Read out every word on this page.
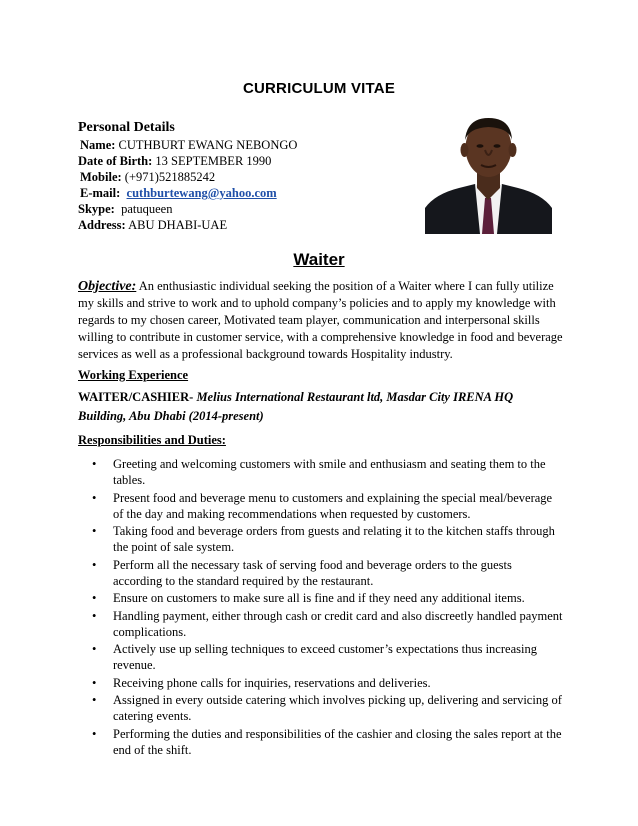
CURRICULUM VITAE
Personal Details
Name: CUTHBURT EWANG NEBONGO
Date of Birth: 13 SEPTEMBER 1990
Mobile: (+971)521885242
E-mail: cuthburtewang@yahoo.com
Skype: patuqueen
Address: ABU DHABI-UAE
Waiter
Objective: An enthusiastic individual seeking the position of a Waiter where I can fully utilize my skills and strive to work and to uphold company’s policies and to apply my knowledge with regards to my chosen career, Motivated team player, communication and interpersonal skills willing to contribute in customer service, with a comprehensive knowledge in food and beverage services as well as a professional background towards Hospitality industry.
Working Experience
WAITER/CASHIER- Melius International Restaurant ltd, Masdar City IRENA HQ Building, Abu Dhabi (2014-present)
Responsibilities and Duties:
• Greeting and welcoming customers with smile and enthusiasm and seating them to the tables.
• Present food and beverage menu to customers and explaining the special meal/beverage of the day and making recommendations when requested by customers.
• Taking food and beverage orders from guests and relating it to the kitchen staffs through the point of sale system.
• Perform all the necessary task of serving food and beverage orders to the guests according to the standard required by the restaurant.
• Ensure on customers to make sure all is fine and if they need any additional items.
• Handling payment, either through cash or credit card and also discreetly handled payment complications.
• Actively use up selling techniques to exceed customer’s expectations thus increasing revenue.
• Receiving phone calls for inquiries, reservations and deliveries.
• Assigned in every outside catering which involves picking up, delivering and servicing of catering events.
• Performing the duties and responsibilities of the cashier and closing the sales report at the end of the shift.
